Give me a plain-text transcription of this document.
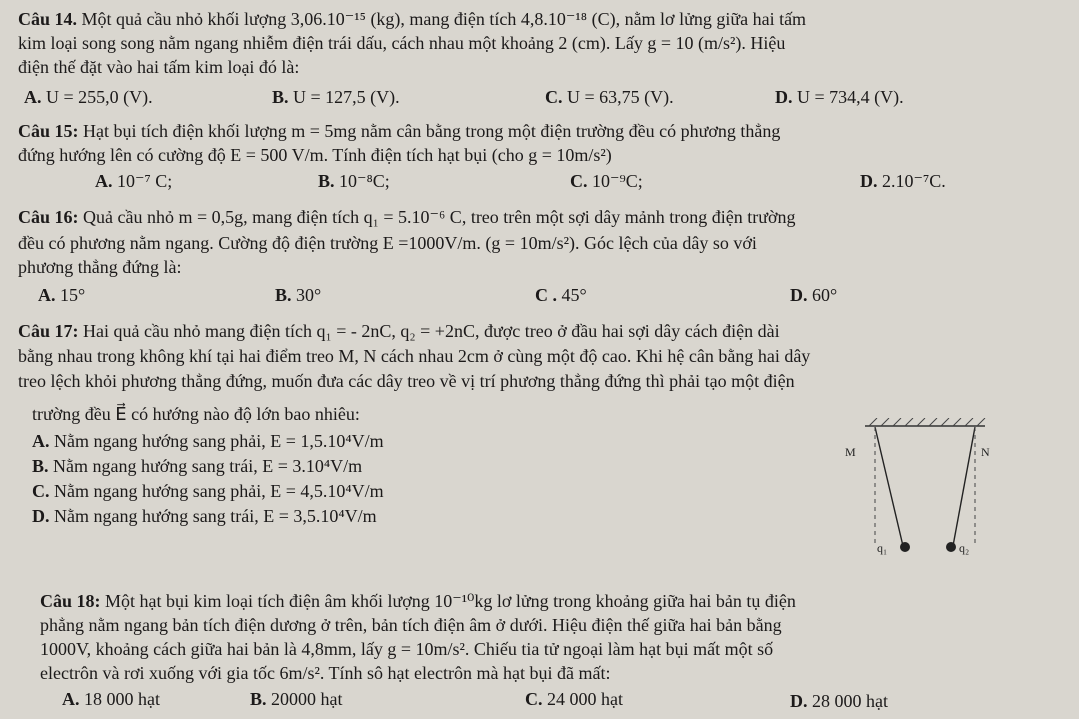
Câu 14. Một quả cầu nhỏ khối lượng 3,06.10⁻¹⁵ (kg), mang điện tích 4,8.10⁻¹⁸ (C), nằm lơ lửng giữa hai tấm
kim loại song song nằm ngang nhiễm điện trái dấu, cách nhau một khoảng 2 (cm). Lấy g = 10 (m/s²). Hiệu
điện thế đặt vào hai tấm kim loại đó là:
A. U = 255,0 (V).	B. U = 127,5 (V).	C. U = 63,75 (V).	D. U = 734,4 (V).
Câu 15: Hạt bụi tích điện khối lượng m = 5mg nằm cân bằng trong một điện trường đều có phương thẳng
đứng hướng lên có cường độ E = 500 V/m. Tính điện tích hạt bụi (cho g = 10m/s²)
A. 10⁻⁷ C;	B. 10⁻⁸C;	C. 10⁻⁹C;	D. 2.10⁻⁷C.
Câu 16: Quả cầu nhỏ m = 0,5g, mang điện tích q₁ = 5.10⁻⁶ C, treo trên một sợi dây mảnh trong điện trường
đều có phương nằm ngang. Cường độ điện trường E =1000V/m. (g = 10m/s²). Góc lệch của dây so với
phương thẳng đứng là:
A. 15°	B. 30°	C . 45°	D. 60°
Câu 17: Hai quả cầu nhỏ mang điện tích q₁ = - 2nC, q₂ = +2nC, được treo ở đầu hai sợi dây cách điện dài
bằng nhau trong không khí tại hai điểm treo M, N cách nhau 2cm ở cùng một độ cao. Khi hệ cân bằng hai dây
treo lệch khỏi phương thẳng đứng, muốn đưa các dây treo về vị trí phương thẳng đứng thì phải tạo một điện
trường đều E⃗ có hướng nào độ lớn bao nhiêu:
A. Nằm ngang hướng sang phải, E = 1,5.10⁴V/m
B. Nằm ngang hướng sang trái, E = 3.10⁴V/m
C. Nằm ngang hướng sang phải, E = 4,5.10⁴V/m
D. Nằm ngang hướng sang trái, E = 3,5.10⁴V/m
M	N
q₁	q₂
Câu 18: Một hạt bụi kim loại tích điện âm khối lượng 10⁻¹⁰kg lơ lửng trong khoảng giữa hai bản tụ điện
phẳng nằm ngang bản tích điện dương ở trên, bản tích điện âm ở dưới. Hiệu điện thế giữa hai bản bằng
1000V, khoảng cách giữa hai bản là 4,8mm, lấy g = 10m/s². Chiếu tia tử ngoại làm hạt bụi mất một số
electrôn và rơi xuống với gia tốc 6m/s². Tính sô hạt electrôn mà hạt bụi đã mất:
A. 18 000 hạt	B. 20000 hạt	C. 24 000 hạt	D. 28 000 hạt
